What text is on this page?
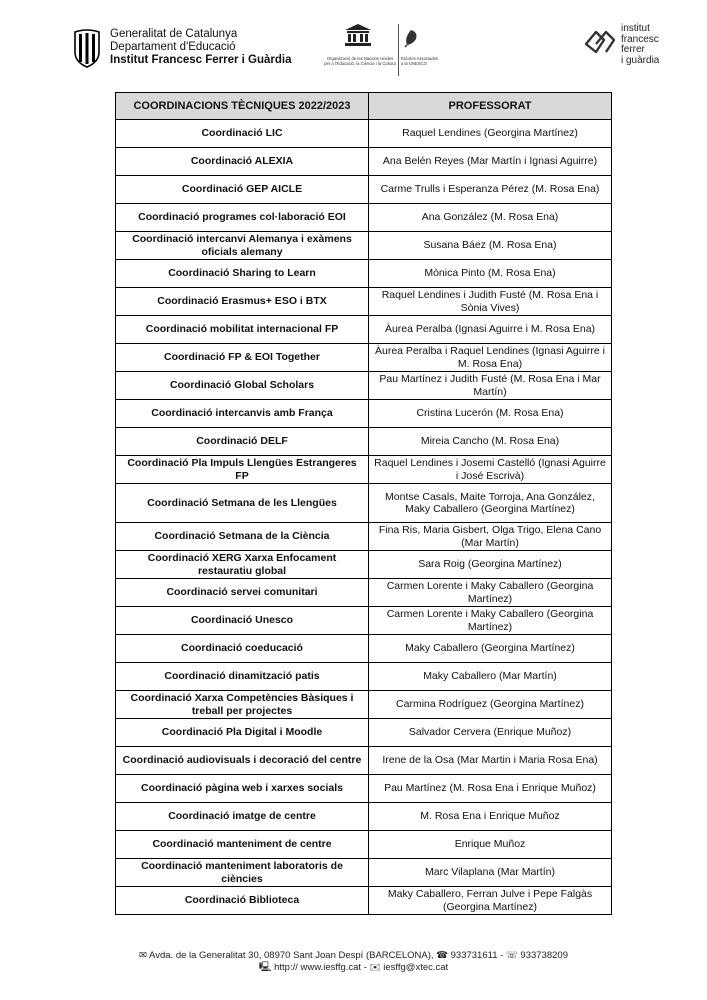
Generalitat de Catalunya
Departament d'Educació
Institut Francesc Ferrer i Guàrdia	Organització de les Nacions Unides per a l'Educació, la Ciència i la Cultura
Escoles Associades a la UNESCO
institut
francesc
ferrer
i guàrdia
COORDINACIONS TÈCNIQUES 2022/2023	PROFESSORAT
Coordinació LIC	Raquel Lendines (Georgina Martínez)
Coordinació ALEXIA	Ana Belén Reyes (Mar Martín i Ignasi Aguirre)
Coordinació GEP AICLE	Carme Trulls i Esperanza Pérez (M. Rosa Ena)
Coordinació programes col·laboració EOI	Ana González (M. Rosa Ena)
Coordinació intercanvi Alemanya i exàmens oficials alemany	Susana Báez (M. Rosa Ena)
Coordinació Sharing to Learn	Mònica Pinto (M. Rosa Ena)
Coordinació Erasmus+ ESO i BTX	Raquel Lendines i Judith Fusté (M. Rosa Ena i Sònia Vives)
Coordinació mobilitat internacional FP	Àurea Peralba (Ignasi Aguirre i M. Rosa Ena)
Coordinació FP & EOI Together	Àurea Peralba i Raquel Lendines (Ignasi Aguirre i M. Rosa Ena)
Coordinació Global Scholars	Pau Martínez i Judith Fusté (M. Rosa Ena i Mar Martín)
Coordinació intercanvis amb França	Cristina Lucerón (M. Rosa Ena)
Coordinació DELF	Mireia Cancho (M. Rosa Ena)
Coordinació Pla Impuls Llengües Estrangeres FP	Raquel Lendines i Josemi Castelló (Ignasi Aguirre i José Escrivà)
Coordinació Setmana de les Llengües	Montse Casals, Maite Torroja, Ana González, Maky Caballero (Georgina Martínez)
Coordinació Setmana de la Ciència	Fina Ris, Maria Gisbert, Olga Trigo, Elena Cano (Mar Martín)
Coordinació XERG Xarxa Enfocament restauratiu global	Sara Roig (Georgina Martínez)
Coordinació servei comunitari	Carmen Lorente i Maky Caballero (Georgina Martínez)
Coordinació Unesco	Carmen Lorente i Maky Caballero (Georgina Martínez)
Coordinació coeducació	Maky Caballero (Georgina Martínez)
Coordinació dinamització patis	Maky Caballero (Mar Martín)
Coordinació Xarxa Competències Bàsiques i treball per projectes	Carmina Rodríguez (Georgina Martínez)
Coordinació Pla Digital i Moodle	Salvador Cervera (Enrique Muñoz)
Coordinació audiovisuals i decoració del centre	Irene de la Osa (Mar Martin i Maria Rosa Ena)
Coordinació pàgina web i xarxes socials	Pau Martínez (M. Rosa Ena i Enrique Muñoz)
Coordinació imatge de centre	M. Rosa Ena i Enrique Muñoz
Coordinació manteniment de centre	Enrique Muñoz
Coordinació manteniment laboratoris de ciències	Marc Vilaplana (Mar Martín)
Coordinació Biblioteca	Maky Caballero, Ferran Julve i Pepe Falgàs (Georgina Martínez)
✉ Avda. de la Generalitat 30, 08970 Sant Joan Despí (BARCELONA), ☎ 933731611 - ☏ 933738209
🖳 http:// www.iesffg.cat - ✉ iesffg@xtec.cat
